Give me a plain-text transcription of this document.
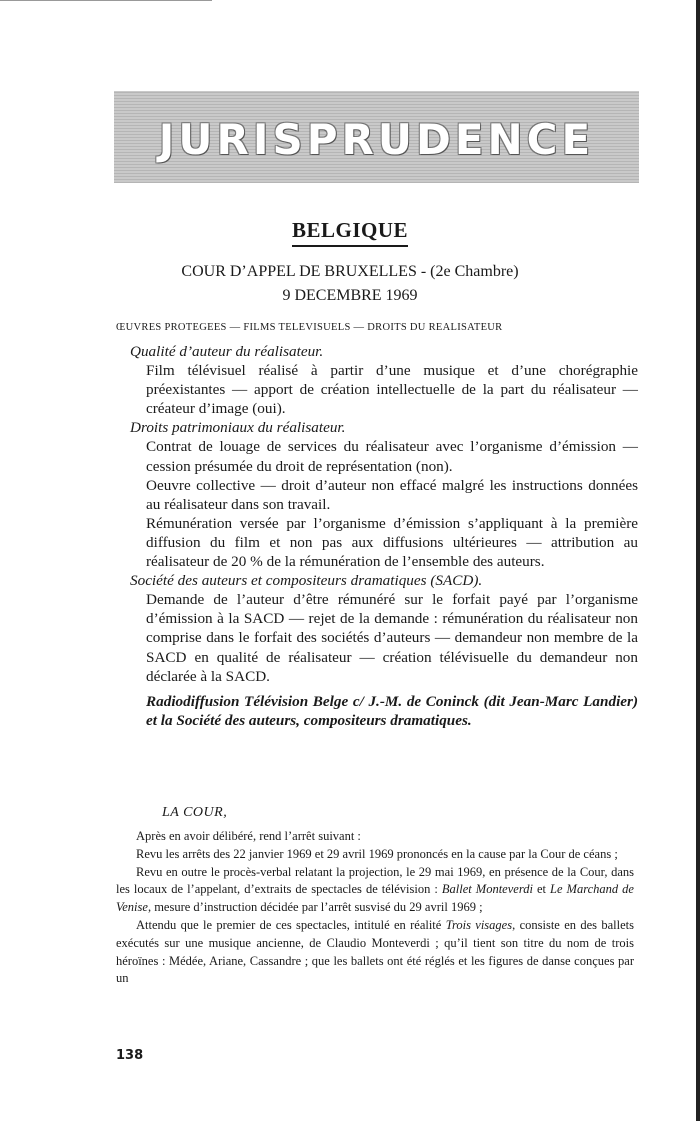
JURISPRUDENCE
BELGIQUE
COUR D’APPEL DE BRUXELLES - (2e Chambre)
9 DECEMBRE 1969
ŒUVRES PROTEGEES — FILMS TELEVISUELS — DROITS DU REALISATEUR
Qualité d’auteur du réalisateur.
Film télévisuel réalisé à partir d’une musique et d’une chorégraphie préexistantes — apport de création intellectuelle de la part du réalisateur — créateur d’image (oui).
Droits patrimoniaux du réalisateur.
Contrat de louage de services du réalisateur avec l’organisme d’émission — cession présumée du droit de représentation (non).
Oeuvre collective — droit d’auteur non effacé malgré les instructions données au réalisateur dans son travail.
Rémunération versée par l’organisme d’émission s’appliquant à la première diffusion du film et non pas aux diffusions ultérieures — attribution au réalisateur de 20 % de la rémunération de l’ensemble des auteurs.
Société des auteurs et compositeurs dramatiques (SACD).
Demande de l’auteur d’être rémunéré sur le forfait payé par l’organisme d’émission à la SACD — rejet de la demande : rémunération du réalisateur non comprise dans le forfait des sociétés d’auteurs — demandeur non membre de la SACD en qualité de réalisateur — création télévisuelle du demandeur non déclarée à la SACD.
Radiodiffusion Télévision Belge c/ J.-M. de Coninck (dit Jean-Marc Landier) et la Société des auteurs, compositeurs dramatiques.
LA COUR,

Après en avoir délibéré, rend l’arrêt suivant :

Revu les arrêts des 22 janvier 1969 et 29 avril 1969 prononcés en la cause par la Cour de céans ;

Revu en outre le procès-verbal relatant la projection, le 29 mai 1969, en présence de la Cour, dans les locaux de l’appelant, d’extraits de spectacles de télévision : Ballet Monteverdi et Le Marchand de Venise, mesure d’instruction décidée par l’arrêt susvisé du 29 avril 1969 ;

Attendu que le premier de ces spectacles, intitulé en réalité Trois visages, consiste en des ballets exécutés sur une musique ancienne, de Claudio Monteverdi ; qu’il tient son titre du nom de trois héroïnes : Médée, Ariane, Cassandre ; que les ballets ont été réglés et les figures de danse conçues par un

138
